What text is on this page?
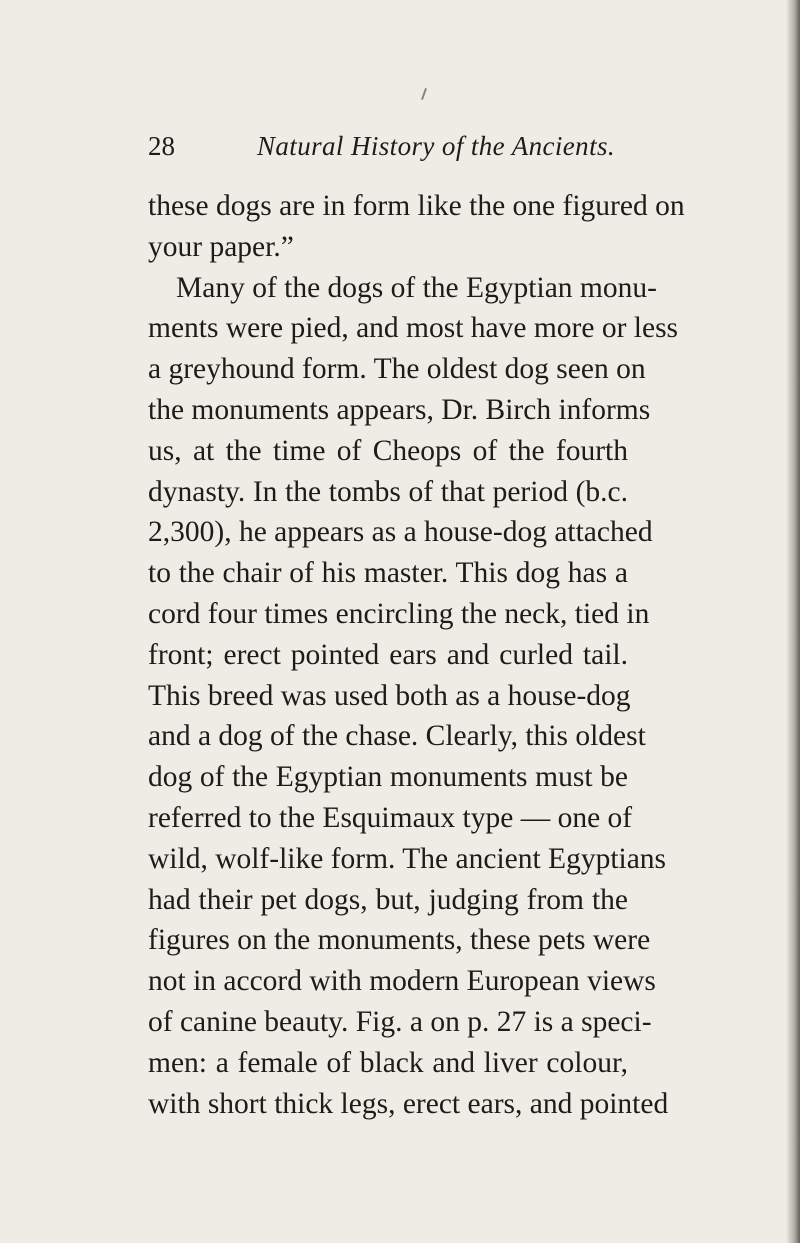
28	Natural History of the Ancients.
these dogs are in form like the one figured on
your paper.”
Many of the dogs of the Egyptian monu-
ments were pied, and most have more or less
a greyhound form. The oldest dog seen on
the monuments appears, Dr. Birch informs
us, at the time of Cheops of the fourth
dynasty. In the tombs of that period (b.c.
2,300), he appears as a house-dog attached
to the chair of his master. This dog has a
cord four times encircling the neck, tied in
front; erect pointed ears and curled tail.
This breed was used both as a house-dog
and a dog of the chase. Clearly, this oldest
dog of the Egyptian monuments must be
referred to the Esquimaux type — one of
wild, wolf-like form. The ancient Egyptians
had their pet dogs, but, judging from the
figures on the monuments, these pets were
not in accord with modern European views
of canine beauty. Fig. a on p. 27 is a speci-
men: a female of black and liver colour,
with short thick legs, erect ears, and pointed
